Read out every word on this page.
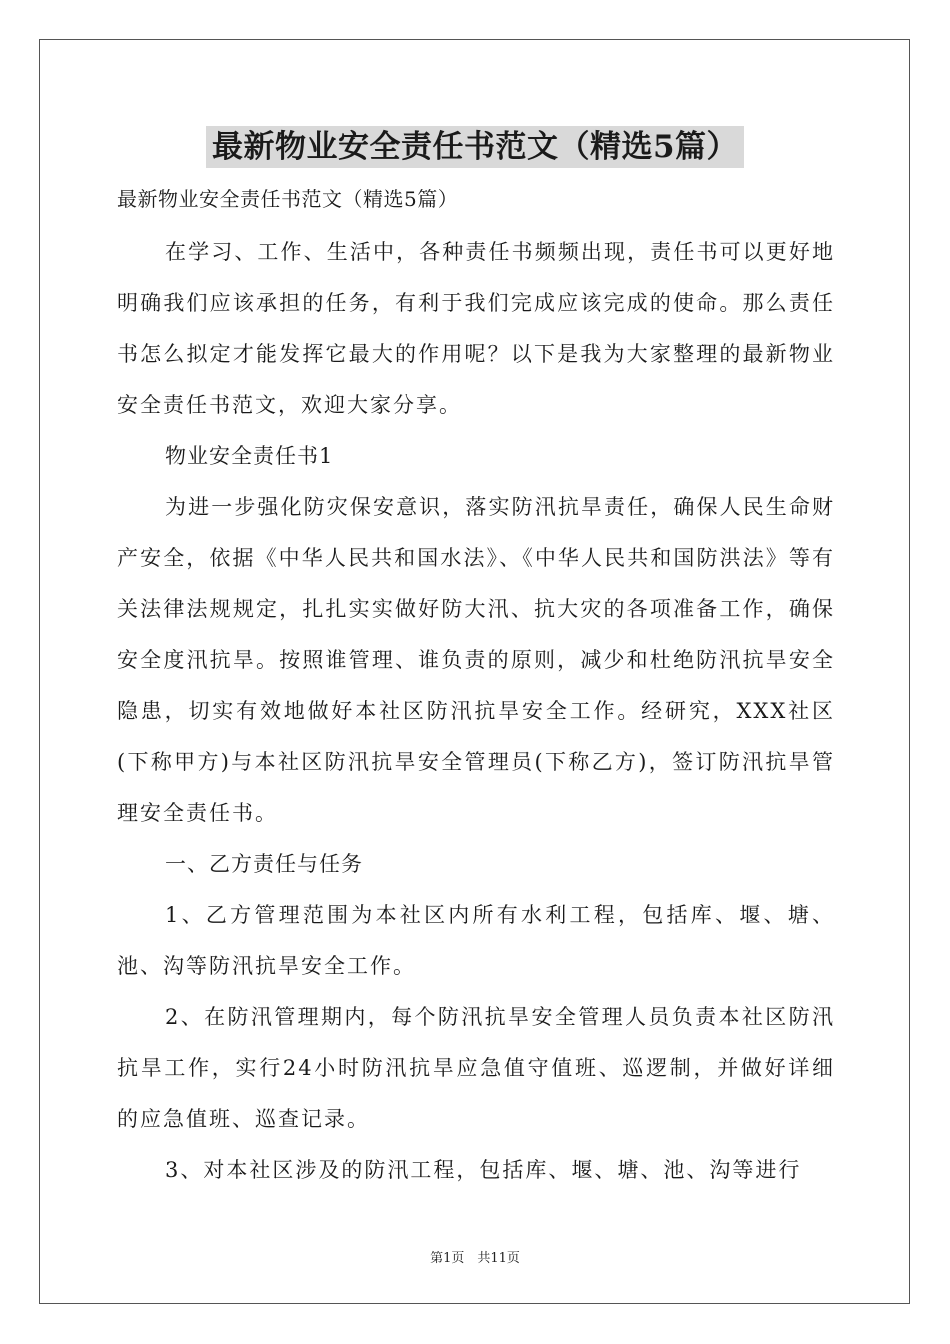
最新物业安全责任书范文（精选5篇）

最新物业安全责任书范文（精选5篇）

在学习、工作、生活中，各种责任书频频出现，责任书可以更好地明确我们应该承担的任务，有利于我们完成应该完成的使命。那么责任书怎么拟定才能发挥它最大的作用呢？以下是我为大家整理的最新物业安全责任书范文，欢迎大家分享。

物业安全责任书1

为进一步强化防灾保安意识，落实防汛抗旱责任，确保人民生命财产安全，依据《中华人民共和国水法》、《中华人民共和国防洪法》等有关法律法规规定，扎扎实实做好防大汛、抗大灾的各项准备工作，确保安全度汛抗旱。按照谁管理、谁负责的原则，减少和杜绝防汛抗旱安全隐患，切实有效地做好本社区防汛抗旱安全工作。经研究，XXX社区(下称甲方)与本社区防汛抗旱安全管理员(下称乙方)，签订防汛抗旱管理安全责任书。

一、乙方责任与任务

1、乙方管理范围为本社区内所有水利工程，包括库、堰、塘、池、沟等防汛抗旱安全工作。

2、在防汛管理期内，每个防汛抗旱安全管理人员负责本社区防汛抗旱工作，实行24小时防汛抗旱应急值守值班、巡逻制，并做好详细的应急值班、巡查记录。

3、对本社区涉及的防汛工程，包括库、堰、塘、池、沟等进行

第1页　共11页
